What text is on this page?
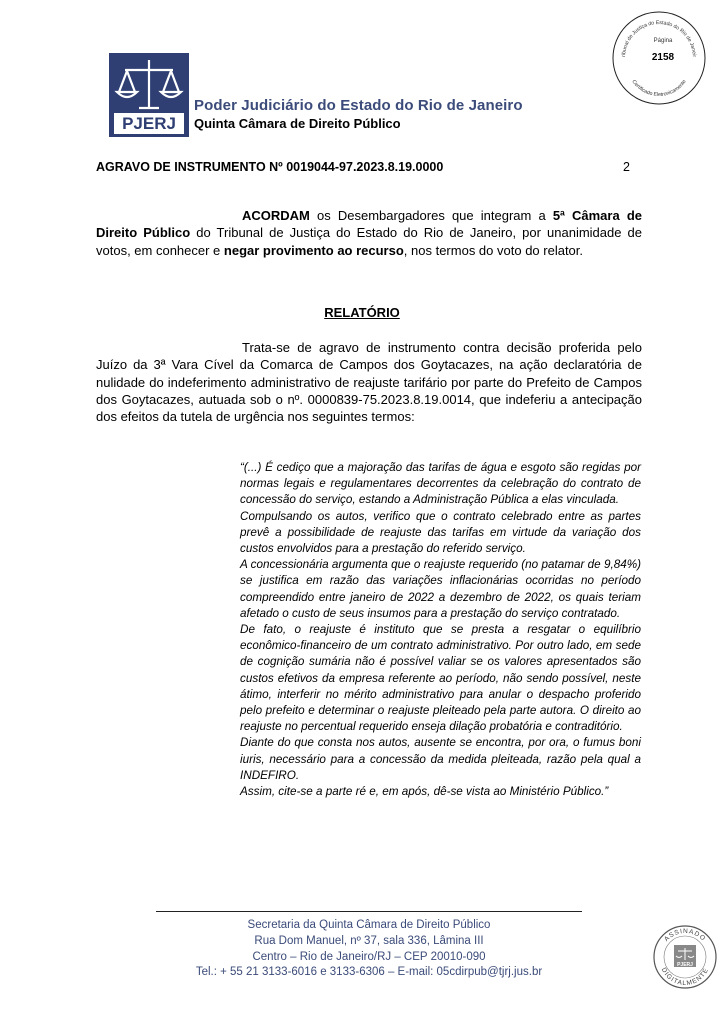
ribunal de Justiça do Estado do Rio de Janeir
Certificado Eletronicamente
Página
2158
PJERJ
Poder Judiciário do Estado do Rio de Janeiro
Quinta Câmara de Direito Público
AGRAVO DE INSTRUMENTO Nº 0019044-97.2023.8.19.0000	2
ACORDAM os Desembargadores que integram a 5ª Câmara de Direito Público do Tribunal de Justiça do Estado do Rio de Janeiro, por unanimidade de votos, em conhecer e negar provimento ao recurso, nos termos do voto do relator.
RELATÓRIO
Trata-se de agravo de instrumento contra decisão proferida pelo Juízo da 3ª Vara Cível da Comarca de Campos dos Goytacazes, na ação declaratória de nulidade do indeferimento administrativo de reajuste tarifário por parte do Prefeito de Campos dos Goytacazes, autuada sob o nº. 0000839-75.2023.8.19.0014, que indeferiu a antecipação dos efeitos da tutela de urgência nos seguintes termos:

“(...) É cediço que a majoração das tarifas de água e esgoto são regidas por normas legais e regulamentares decorrentes da celebração do contrato de concessão do serviço, estando a Administração Pública a elas vinculada.

Compulsando os autos, verifico que o contrato celebrado entre as partes prevê a possibilidade de reajuste das tarifas em virtude da variação dos custos envolvidos para a prestação do referido serviço.

A concessionária argumenta que o reajuste requerido (no patamar de 9,84%) se justifica em razão das variações inflacionárias ocorridas no período compreendido entre janeiro de 2022 a dezembro de 2022, os quais teriam afetado o custo de seus insumos para a prestação do serviço contratado.

De fato, o reajuste é instituto que se presta a resgatar o equilíbrio econômico-financeiro de um contrato administrativo. Por outro lado, em sede de cognição sumária não é possível valiar se os valores apresentados são custos efetivos da empresa referente ao período, não sendo possível, neste átimo, interferir no mérito administrativo para anular o despacho proferido pelo prefeito e determinar o reajuste pleiteado pela parte autora. O direito ao reajuste no percentual requerido enseja dilação probatória e contraditório.

Diante do que consta nos autos, ausente se encontra, por ora, o fumus boni iuris, necessário para a concessão da medida pleiteada, razão pela qual a INDEFIRO.

Assim, cite-se a parte ré e, em após, dê-se vista ao Ministério Público.”

Secretaria da Quinta Câmara de Direito Público
Rua Dom Manuel, nº 37, sala 336, Lâmina III
Centro – Rio de Janeiro/RJ – CEP 20010-090
Tel.: + 55 21 3133-6016 e 3133-6306 – E-mail: 05cdirpub@tjrj.jus.br
ASSINADO
DIGITALMENTE
PJERJ
